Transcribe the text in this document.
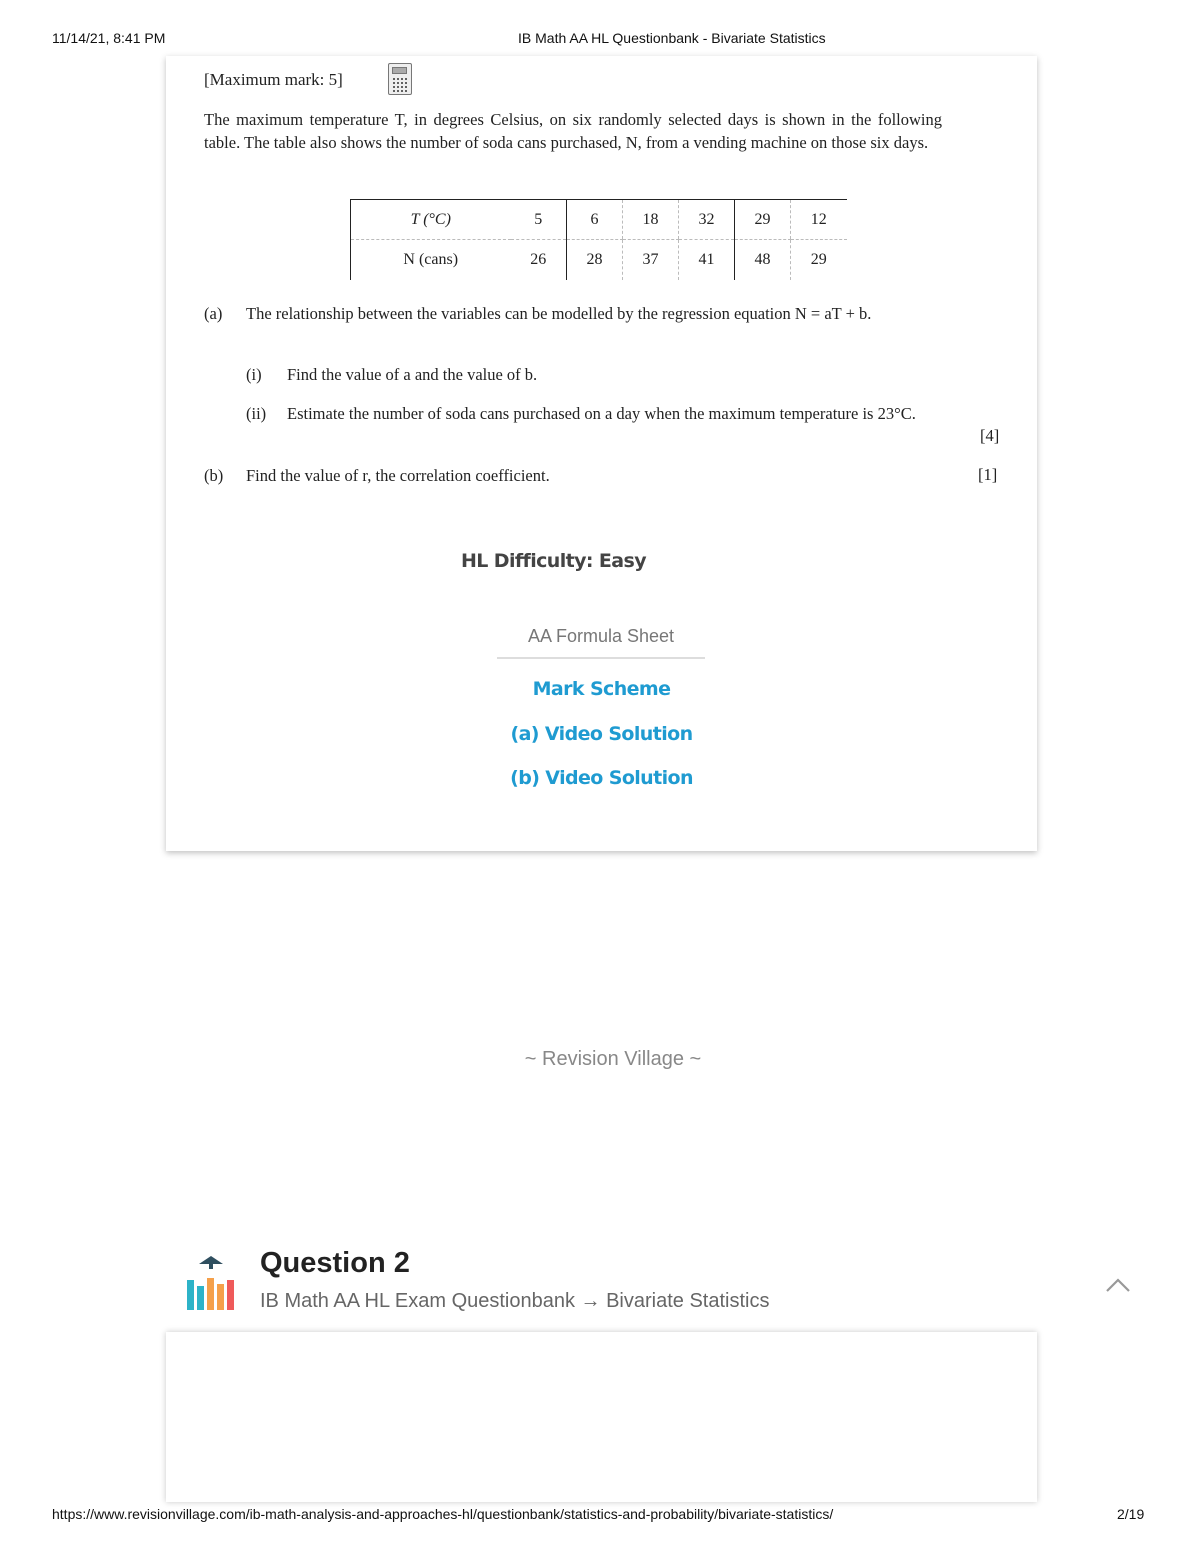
11/14/21, 8:41 PM	IB Math AA HL Questionbank - Bivariate Statistics
[Maximum mark: 5]
The maximum temperature T, in degrees Celsius, on six randomly selected days is shown in the following table. The table also shows the number of soda cans purchased, N, from a vending machine on those six days.
T (°C)	5	6	18	32	29	12
N (cans)	26	28	37	41	48	29
(a) The relationship between the variables can be modelled by the regression equation N = aT + b.
(i) Find the value of a and the value of b.
(ii) Estimate the number of soda cans purchased on a day when the maximum temperature is 23°C.
[4]
(b) Find the value of r, the correlation coefficient.	[1]
HL Difficulty: Easy
AA Formula Sheet
Mark Scheme
(a) Video Solution
(b) Video Solution
~ Revision Village ~
Question 2
IB Math AA HL Exam Questionbank → Bivariate Statistics
https://www.revisionvillage.com/ib-math-analysis-and-approaches-hl/questionbank/statistics-and-probability/bivariate-statistics/	2/19
